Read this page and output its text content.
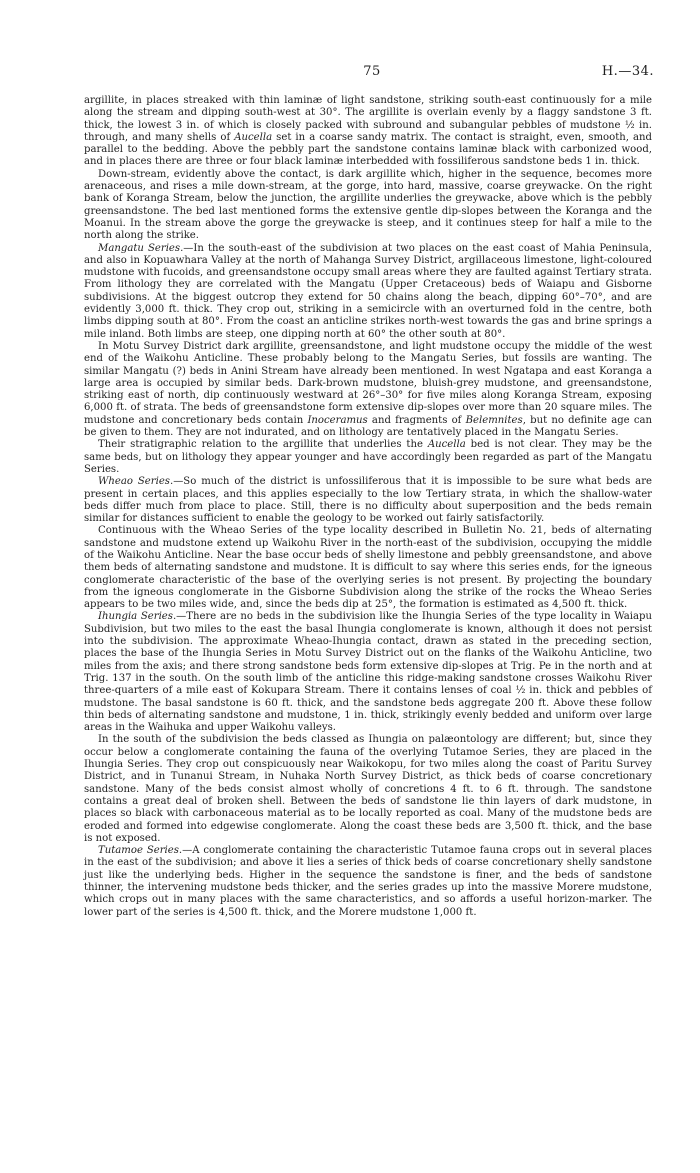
75	H.—34.

argillite, in places streaked with thin laminæ of light sandstone, striking south-east continuously for a mile along the stream and dipping south-west at 30°. The argillite is overlain evenly by a flaggy sandstone 3 ft. thick, the lowest 3 in. of which is closely packed with subround and subangular pebbles of mudstone ½ in. through, and many shells of Aucella set in a coarse sandy matrix. The contact is straight, even, smooth, and parallel to the bedding. Above the pebbly part the sandstone contains laminæ black with carbonized wood, and in places there are three or four black laminæ interbedded with fossiliferous sandstone beds 1 in. thick.

Down-stream, evidently above the contact, is dark argillite which, higher in the sequence, becomes more arenaceous, and rises a mile down-stream, at the gorge, into hard, massive, coarse greywacke. On the right bank of Koranga Stream, below the junction, the argillite underlies the greywacke, above which is the pebbly greensandstone. The bed last mentioned forms the extensive gentle dip-slopes between the Koranga and the Moanui. In the stream above the gorge the greywacke is steep, and it continues steep for half a mile to the north along the strike.

Mangatu Series.—In the south-east of the subdivision at two places on the east coast of Mahia Peninsula, and also in Kopuawhara Valley at the north of Mahanga Survey District, argillaceous limestone, light-coloured mudstone with fucoids, and greensandstone occupy small areas where they are faulted against Tertiary strata. From lithology they are correlated with the Mangatu (Upper Cretaceous) beds of Waiapu and Gisborne subdivisions. At the biggest outcrop they extend for 50 chains along the beach, dipping 60°–70°, and are evidently 3,000 ft. thick. They crop out, striking in a semicircle with an overturned fold in the centre, both limbs dipping south at 80°. From the coast an anticline strikes north-west towards the gas and brine springs a mile inland. Both limbs are steep, one dipping north at 60° the other south at 80°.

In Motu Survey District dark argillite, greensandstone, and light mudstone occupy the middle of the west end of the Waikohu Anticline. These probably belong to the Mangatu Series, but fossils are wanting. The similar Mangatu (?) beds in Anini Stream have already been mentioned. In west Ngatapa and east Koranga a large area is occupied by similar beds. Dark-brown mudstone, bluish-grey mudstone, and greensandstone, striking east of north, dip continuously westward at 26°–30° for five miles along Koranga Stream, exposing 6,000 ft. of strata. The beds of greensandstone form extensive dip-slopes over more than 20 square miles. The mudstone and concretionary beds contain Inoceramus and fragments of Belemnites, but no definite age can be given to them. They are not indurated, and on lithology are tentatively placed in the Mangatu Series.

Their stratigraphic relation to the argillite that underlies the Aucella bed is not clear. They may be the same beds, but on lithology they appear younger and have accordingly been regarded as part of the Mangatu Series.

Wheao Series.—So much of the district is unfossiliferous that it is impossible to be sure what beds are present in certain places, and this applies especially to the low Tertiary strata, in which the shallow-water beds differ much from place to place. Still, there is no difficulty about superposition and the beds remain similar for distances sufficient to enable the geology to be worked out fairly satisfactorily.

Continuous with the Wheao Series of the type locality described in Bulletin No. 21, beds of alternating sandstone and mudstone extend up Waikohu River in the north-east of the subdivision, occupying the middle of the Waikohu Anticline. Near the base occur beds of shelly limestone and pebbly greensandstone, and above them beds of alternating sandstone and mudstone. It is difficult to say where this series ends, for the igneous conglomerate characteristic of the base of the overlying series is not present. By projecting the boundary from the igneous conglomerate in the Gisborne Subdivision along the strike of the rocks the Wheao Series appears to be two miles wide, and, since the beds dip at 25°, the formation is estimated as 4,500 ft. thick.

Ihungia Series.—There are no beds in the subdivision like the Ihungia Series of the type locality in Waiapu Subdivision, but two miles to the east the basal Ihungia conglomerate is known, although it does not persist into the subdivision. The approximate Wheao-Ihungia contact, drawn as stated in the preceding section, places the base of the Ihungia Series in Motu Survey District out on the flanks of the Waikohu Anticline, two miles from the axis; and there strong sandstone beds form extensive dip-slopes at Trig. Pe in the north and at Trig. 137 in the south. On the south limb of the anticline this ridge-making sandstone crosses Waikohu River three-quarters of a mile east of Kokupara Stream. There it contains lenses of coal ½ in. thick and pebbles of mudstone. The basal sandstone is 60 ft. thick, and the sandstone beds aggregate 200 ft. Above these follow thin beds of alternating sandstone and mudstone, 1 in. thick, strikingly evenly bedded and uniform over large areas in the Waihuka and upper Waikohu valleys.

In the south of the subdivision the beds classed as Ihungia on palæontology are different; but, since they occur below a conglomerate containing the fauna of the overlying Tutamoe Series, they are placed in the Ihungia Series. They crop out conspicuously near Waikokopu, for two miles along the coast of Paritu Survey District, and in Tunanui Stream, in Nuhaka North Survey District, as thick beds of coarse concretionary sandstone. Many of the beds consist almost wholly of concretions 4 ft. to 6 ft. through. The sandstone contains a great deal of broken shell. Between the beds of sandstone lie thin layers of dark mudstone, in places so black with carbonaceous material as to be locally reported as coal. Many of the mudstone beds are eroded and formed into edgewise conglomerate. Along the coast these beds are 3,500 ft. thick, and the base is not exposed.

Tutamoe Series.—A conglomerate containing the characteristic Tutamoe fauna crops out in several places in the east of the subdivision; and above it lies a series of thick beds of coarse concretionary shelly sandstone just like the underlying beds. Higher in the sequence the sandstone is finer, and the beds of sandstone thinner, the intervening mudstone beds thicker, and the series grades up into the massive Morere mudstone, which crops out in many places with the same characteristics, and so affords a useful horizon-marker. The lower part of the series is 4,500 ft. thick, and the Morere mudstone 1,000 ft.
